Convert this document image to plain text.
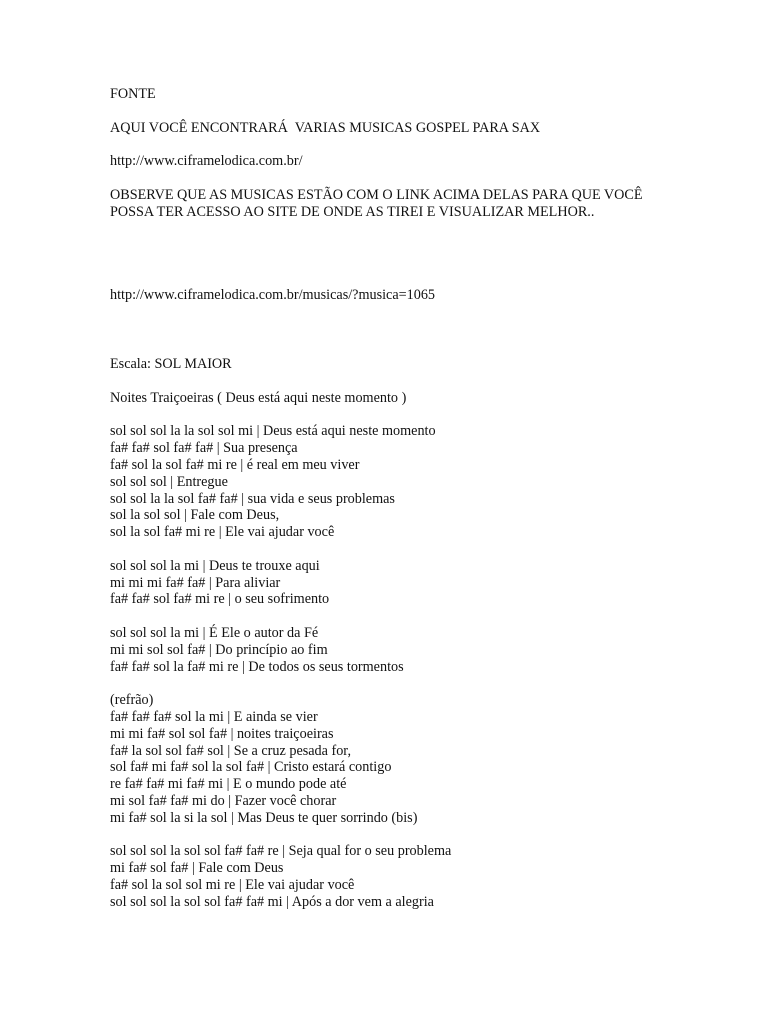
FONTE
AQUI VOCÊ ENCONTRARÁ  VARIAS MUSICAS GOSPEL PARA SAX
http://www.ciframelodica.com.br/
OBSERVE QUE AS MUSICAS ESTÃO COM O LINK ACIMA DELAS PARA QUE VOCÊ POSSA TER ACESSO AO SITE DE ONDE AS TIREI E VISUALIZAR MELHOR..
http://www.ciframelodica.com.br/musicas/?musica=1065
Escala: SOL MAIOR
Noites Traiçoeiras ( Deus está aqui neste momento )
sol sol sol la la sol sol mi | Deus está aqui neste momento
fa# fa# sol fa# fa# | Sua presença
fa# sol la sol fa# mi re | é real em meu viver
sol sol sol | Entregue
sol sol la la sol fa# fa# | sua vida e seus problemas
sol la sol sol | Fale com Deus,
sol la sol fa# mi re | Ele vai ajudar você
sol sol sol la mi | Deus te trouxe aqui
mi mi mi fa# fa# | Para aliviar
fa# fa# sol fa# mi re | o seu sofrimento
sol sol sol la mi | É Ele o autor da Fé
mi mi sol sol fa# | Do princípio ao fim
fa# fa# sol la fa# mi re | De todos os seus tormentos
(refrão)
fa# fa# fa# sol la mi | E ainda se vier
mi mi fa# sol sol fa# | noites traiçoeiras
fa# la sol sol fa# sol | Se a cruz pesada for,
sol fa# mi fa# sol la sol fa# | Cristo estará contigo
re fa# fa# mi fa# mi | E o mundo pode até
mi sol fa# fa# mi do | Fazer você chorar
mi fa# sol la si la sol | Mas Deus te quer sorrindo (bis)
sol sol sol la sol sol fa# fa# re | Seja qual for o seu problema
mi fa# sol fa# | Fale com Deus
fa# sol la sol sol mi re | Ele vai ajudar você
sol sol sol la sol sol fa# fa# mi | Após a dor vem a alegria
